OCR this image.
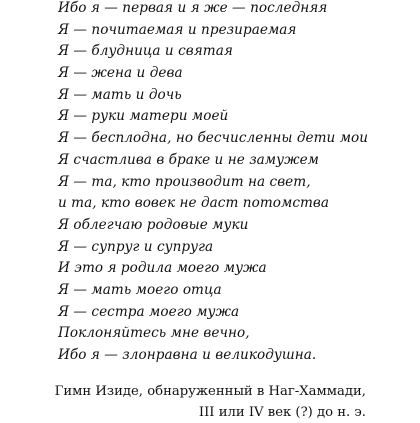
Ибо я — первая и я же — последняя
Я — почитаемая и презираемая
Я — блудница и святая
Я — жена и дева
Я — мать и дочь
Я — руки матери моей
Я — бесплодна, но бесчисленны дети мои
Я счастлива в браке и не замужем
Я — та, кто производит на свет,
и та, кто вовек не даст потомства
Я облегчаю родовые муки
Я — супруг и супруга
И это я родила моего мужа
Я — мать моего отца
Я — сестра моего мужа
Поклоняйтесь мне вечно,
Ибо я — злонравна и великодушна.
Гимн Изиде, обнаруженный в Наг-Хаммади,
III или IV век (?) до н. э.
